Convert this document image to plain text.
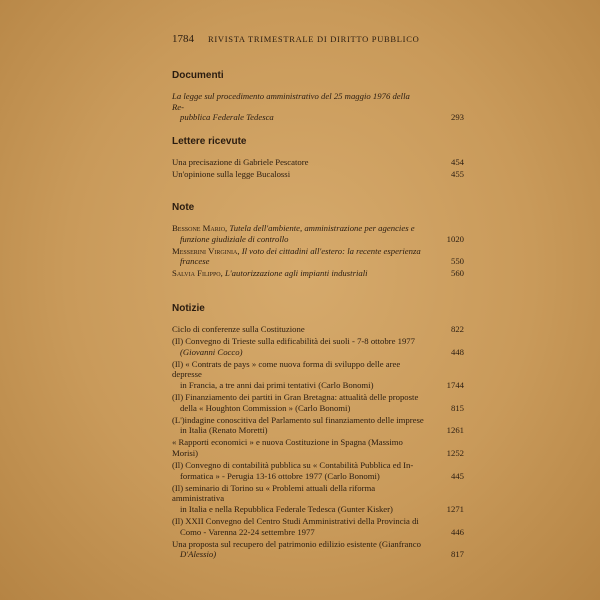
1784 RIVISTA TRIMESTRALE DI DIRITTO PUBBLICO
Documenti
La legge sul procedimento amministrativo del 25 maggio 1976 della Re-
pubblica Federale Tedesca	293
Lettere ricevute
Una precisazione di Gabriele Pescatore	454
Un'opinione sulla legge Bucalossi	455
Note
Bessone Mario, Tutela dell'ambiente, amministrazione per agencies e
funzione giudiziale di controllo	1020
Messerini Virginia, Il voto dei cittadini all'estero: la recente esperienza
francese	550
Salvia Filippo, L'autorizzazione agli impianti industriali	560
Notizie
Ciclo di conferenze sulla Costituzione	822
(Il) Convegno di Trieste sulla edificabilità dei suoli - 7-8 ottobre 1977
(Giovanni Cocco)	448
(Il) « Contrats de pays » come nuova forma di sviluppo delle aree depresse
in Francia, a tre anni dai primi tentativi (Carlo Bonomi)	1744
(Il) Finanziamento dei partiti in Gran Bretagna: attualità delle proposte
della « Houghton Commission » (Carlo Bonomi)	815
(L')indagine conoscitiva del Parlamento sul finanziamento delle imprese
in Italia (Renato Moretti)	1261
« Rapporti economici » e nuova Costituzione in Spagna (Massimo Morisi)	1252
(Il) Convegno di contabilità pubblica su « Contabilità Pubblica ed In-
formatica » - Perugia 13-16 ottobre 1977 (Carlo Bonomi)	445
(Il) seminario di Torino su « Problemi attuali della riforma amministrativa
in Italia e nella Repubblica Federale Tedesca (Gunter Kisker)	1271
(Il) XXII Convegno del Centro Studi Amministrativi della Provincia di
Como - Varenna 22-24 settembre 1977	446
Una proposta sul recupero del patrimonio edilizio esistente (Gianfranco
D'Alessio)	817
